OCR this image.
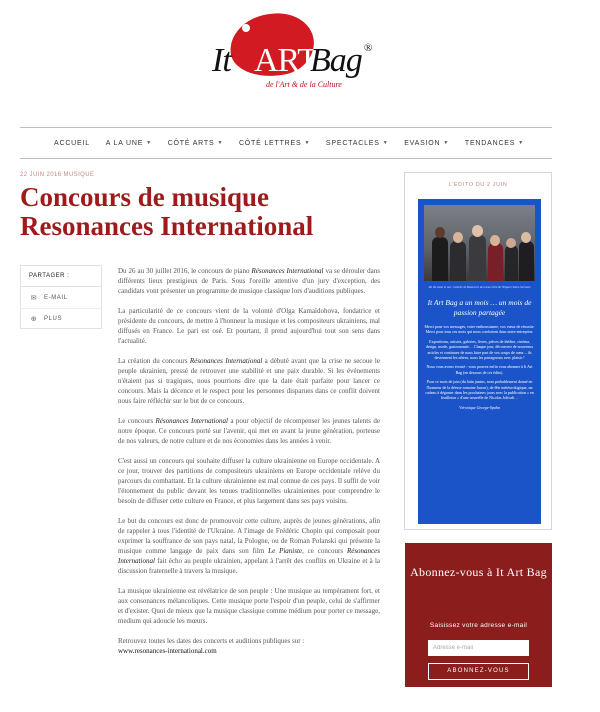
It ART
Bag ®
de l'Art & de la Culture
ACCUEIL A LA UNE ▼ CÔTÉ ARTS ▼ CÔTÉ LETTRES ▼ SPECTACLES ▼ EVASION ▼ TENDANCES ▼
22 JUIN 2016 MUSIQUE
Concours de musique Resonances International
PARTAGER :
✉ E-MAIL
⊕ PLUS

Du 26 au 30 juillet 2016, le concours de piano Résonances International va se dérouler dans différents lieux prestigieux de Paris. Sous l'oreille attentive d'un jury d'exception, des candidats vont présenter un programme de musique classique lors d'auditions publiques.

La particularité de ce concours vient de la volonté d'Olga Kamaïdohova, fondatrice et présidente du concours, de mettre à l'honneur la musique et les compositeurs ukrainiens, mal diffusés en France. Le pari est osé. Et pourtant, il prend aujourd'hui tout son sens dans l'actualité.

La création du concours Résonances International a débuté avant que la crise ne secoue le peuple ukrainien, pressé de retrouver une stabilité et une paix durable. Si les événements n'étaient pas si tragiques, nous pourrions dire que la date était parfaite pour lancer ce concours. Mais la décence et le respect pour les personnes disparues dans ce conflit doivent nous faire réfléchir sur le but de ce concours.

Le concours Résonances International a pour objectif de récompenser les jeunes talents de notre époque. Ce concours porté sur l'avenir, qui met en avant la jeune génération, porteuse de nos valeurs, de notre culture et de nos économies dans les années à venir.

C'est aussi un concours qui souhaite diffuser la culture ukrainienne en Europe occidentale. A ce jour, trouver des partitions de compositeurs ukrainiens en Europe occidentale relève du parcours du combattant. Et la culture ukrainienne est mal connue de ces pays. Il suffit de voir l'étonnement du public devant les tenues traditionnelles ukrainiennes pour comprendre le besoin de diffuser cette culture en France, et plus largement dans ses pays voisins.

Le but du concours est donc de promouvoir cette culture, auprès de jeunes générations, afin de rappeler à tous l'identité de l'Ukraine. A l'image de Frédéric Chopin qui composait pour exprimer la souffrance de son pays natal, la Pologne, ou de Roman Polanski qui présente la musique comme langage de paix dans son film Le Pianiste, ce concours Résonances International fait écho au peuple ukrainien, appelant à l'arrêt des conflits en Ukraine et à la discussion fraternelle à travers la musique.

La musique ukrainienne est révélatrice de son peuple : Une musique au tempérament fort, et aux consonances mélancoliques. Cette musique porte l'espoir d'un peuple, celui de s'affirmer et d'exister. Quoi de mieux que la musique classique comme médium pour porter ce message, medium qui adoucie les mœurs.

Retrouvez toutes les dates des concerts et auditions publiques sur :
www.resonances-international.com

L'EDITO DU 2 JUIN
All the team in nal : Gabrile de Beauvoirs de Lucas 2014 de l'Espace Saint-Germain
It Art Bag a un mois … un mois de passion partagée

Merci pour vos messages, votre enthousiasme, vos vœux de réussite. Merci pour tous ces mots qui nous confortent dans notre entreprise.

Expositions, artistes, galeries, livres, pièces de théâtre, cinéma, design, mode, gastronomie… Chaque jour, découvrez de nouveaux articles et continuez de nous faire part de vos coups de cœur – ils deviennent les nôtres, nous les partagerons avec plaisir !

Nous vous avons écouté : vous pouvez enfin vous abonner à It Art Bag (en dessous de cet édito).

Pour ce mois de juin (du latin junius, nom probablement donné en l'honneur de la déesse romaine Junon), de fête météorologique, un cadeau à déguster dans les prochaines jours avec la publication « en feuilleton » d'une nouvelle de Nicolas Jolivalt…

Véronique George-Spahn

Abonnez-vous à It Art Bag
Saisissez votre adresse e-mail
Adresse e-mail
ABONNEZ-VOUS
